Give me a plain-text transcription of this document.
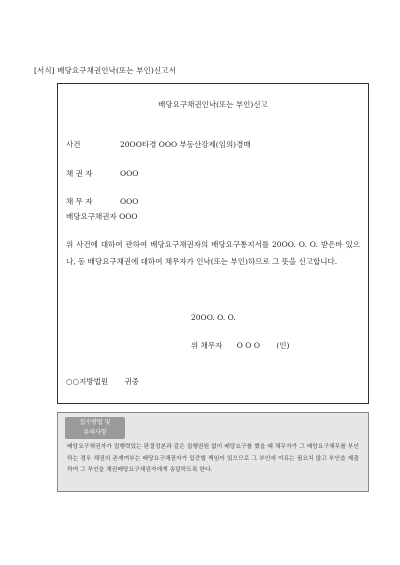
[서식] 배당요구채권인낙(또는 부인)신고서
배당요구채권인낙(또는 부인)신고
사건	20OO타경 OOO 부동산강제(임의)경매
채 권 자	OOO
채 무 자	OOO
배당요구채권자 OOO
위 사건에 대하여 관하여 배당요구채권자의 배당요구통지서를 20OO. O. O. 받은바 있으나, 동 배당요구채권에 대하여 채무자가 인낙(또는 부인)하므로 그 뜻을 신고합니다.
20OO. O. O.
위 채무자 O O O (인)
○○지방법원 귀중
접수방법 및
유의사항
배당요구채권자가 집행력있는 판결정본과 같은 집행권원 없이 배당요구를 했을 때 채무자가 그 배당요구채무를 부인하는 경우 채권의 존재여부는 배당요구채권자가 입증할 책임이 있으므로 그 부인에 이유는 필요치 않고 부인을 제출하여 그 부인을 채권배당요구채권자에게 송달하도록 한다.
